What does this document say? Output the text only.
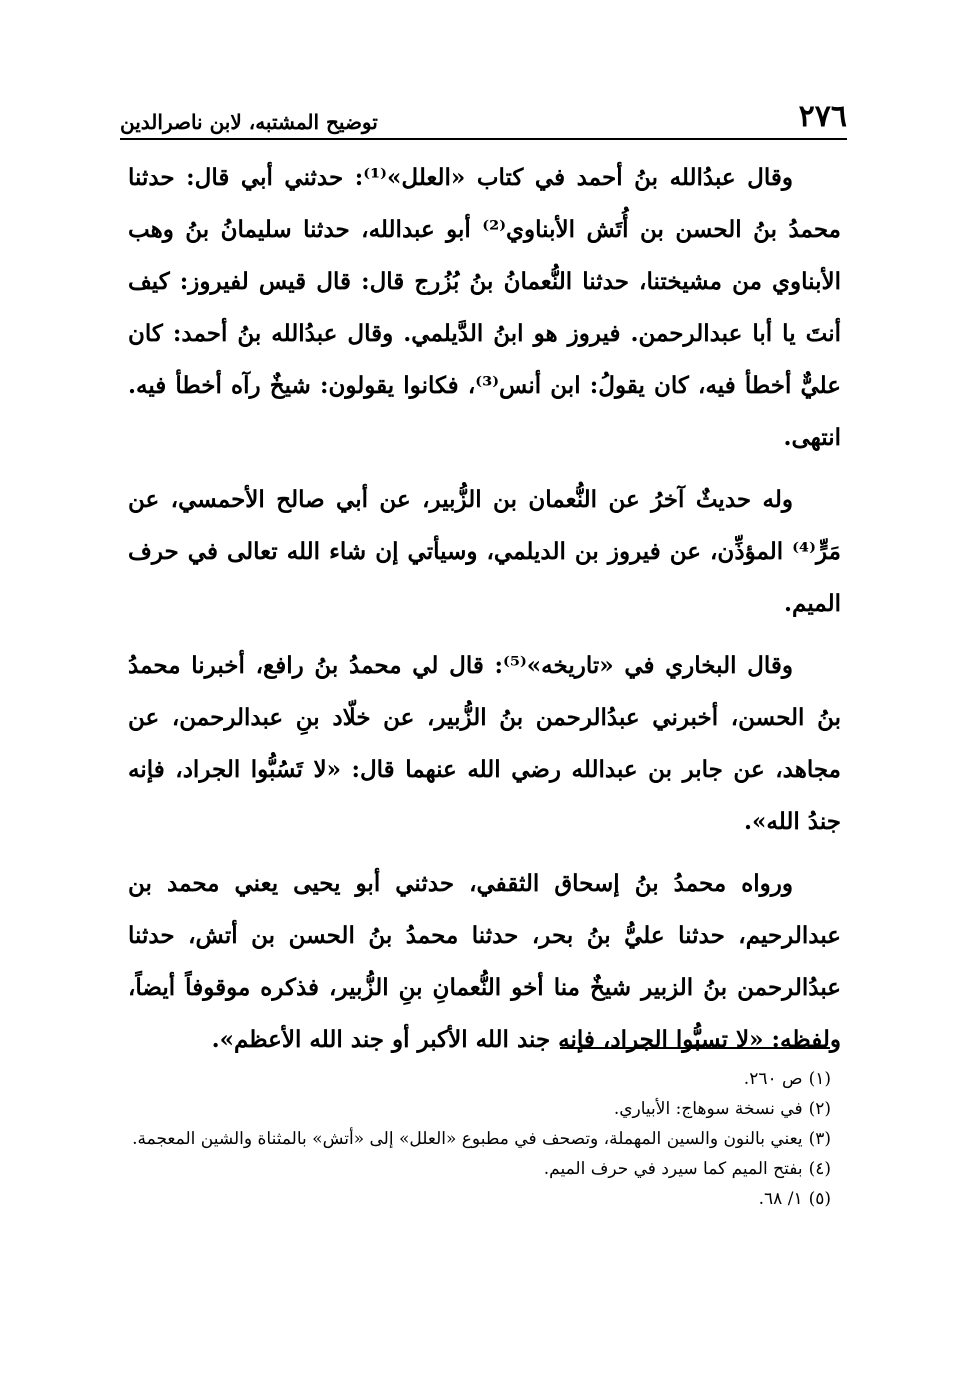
٢٧٦
توضيح المشتبه، لابن ناصرالدين

وقال عبدُالله بنُ أحمد في كتاب «العلل»⁽¹⁾: حدثني أبي قال: حدثنا محمدُ بنُ الحسن بن أُتَش الأبناوي⁽²⁾ أبو عبدالله، حدثنا سليمانُ بنُ وهب الأبناوي من مشيختنا، حدثنا النُّعمانُ بنُ بُزُرج قال: قال قيس لفيروز: كيف أنتَ يا أبا عبدالرحمن. فيروز هو ابنُ الدَّيلمي. وقال عبدُالله بنُ أحمد: كان عليٌّ أخطأ فيه، كان يقولُ: ابن أنس⁽³⁾، فكانوا يقولون: شيخٌ رآه أخطأ فيه. انتهى.

وله حديثٌ آخرُ عن النُّعمان بن الزُّبير، عن أبي صالح الأحمسي، عن مَرٍّ⁽⁴⁾ المؤذِّن، عن فيروز بن الديلمي، وسيأتي إن شاء الله تعالى في حرف الميم.

وقال البخاري في «تاريخه»⁽⁵⁾: قال لي محمدُ بنُ رافع، أخبرنا محمدُ بنُ الحسن، أخبرني عبدُالرحمن بنُ الزُّبير، عن خلّاد بنِ عبدالرحمن، عن مجاهد، عن جابر بن عبدالله رضي الله عنهما قال: «لا تَسُبُّوا الجراد، فإنه جندُ الله».

ورواه محمدُ بنُ إسحاق الثقفي، حدثني أبو يحيى يعني محمد بن عبدالرحيم، حدثنا عليُّ بنُ بحر، حدثنا محمدُ بنُ الحسن بن أتش، حدثنا عبدُالرحمن بنُ الزبير شيخٌ منا أخو النُّعمانِ بنِ الزُّبير، فذكره موقوفاً أيضاً، ولفظه: «لا تسبُّوا الجراد، فإنه جند الله الأكبر أو جند الله الأعظم».

(١)ص ٢٦٠.

(٢)في نسخة سوهاج: الأبياري.

(٣)يعني بالنون والسين المهملة، وتصحف في مطبوع «العلل» إلى «أتش» بالمثناة والشين المعجمة.

(٤)بفتح الميم كما سيرد في حرف الميم.

(٥)١/ ٦٨.
